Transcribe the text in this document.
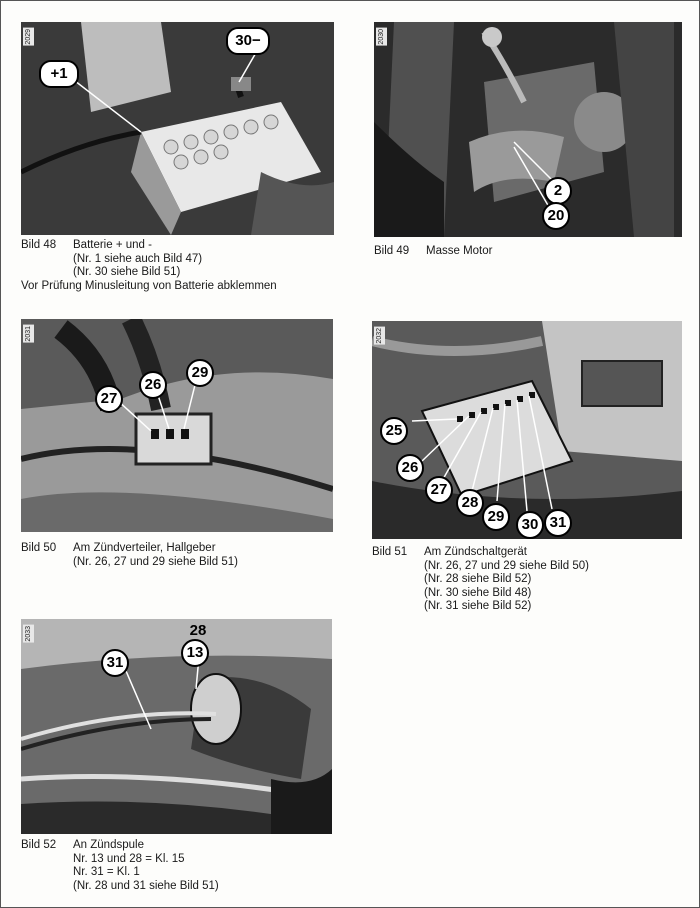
2029
+1
30−
Bild 48	Batterie + und -
(Nr. 1 siehe auch Bild 47)
(Nr. 30 siehe Bild 51)
Vor Prüfung Minusleitung von Batterie abklemmen
2030
2
20
Bild 49	Masse Motor
2031
27
26
29
Bild 50	Am Zündverteiler, Hallgeber
(Nr. 26, 27 und 29 siehe Bild 51)
2032
25
26
27
28
29	30 31
Bild 51	Am Zündschaltgerät
(Nr. 26, 27 und 29 siehe Bild 50)
(Nr. 28 siehe Bild 52)
(Nr. 30 siehe Bild 48)
(Nr. 31 siehe Bild 52)
2033	28
13
31
Bild 52	An Zündspule
Nr. 13 und 28 = Kl. 15
Nr. 31 = Kl. 1
(Nr. 28 und 31 siehe Bild 51)
